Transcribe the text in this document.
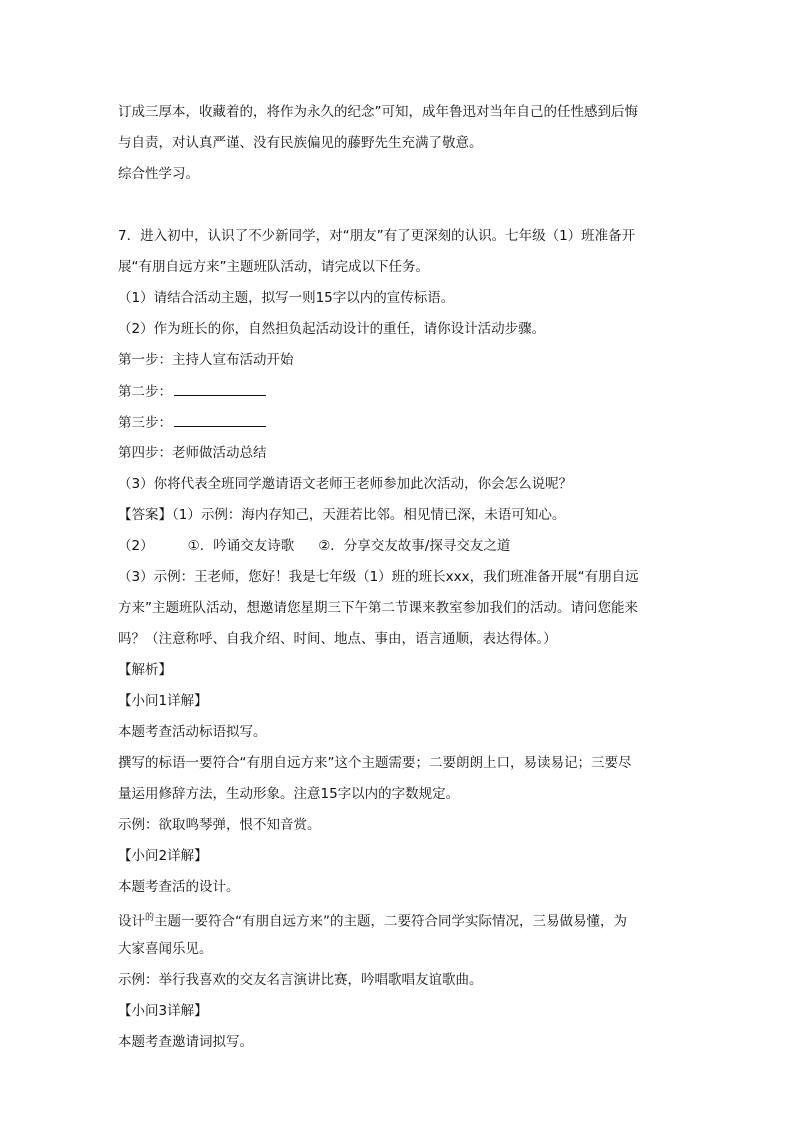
订成三厚本，收藏着的，将作为永久的纪念”可知，成年鲁迅对当年自己的任性感到后悔
与自责，对认真严谨、没有民族偏见的藤野先生充满了敬意。
综合性学习。
7．进入初中，认识了不少新同学，对“朋友”有了更深刻的认识。七年级（1）班准备开
展“有朋自远方来”主题班队活动，请完成以下任务。
（1）请结合活动主题，拟写一则15字以内的宣传标语。
（2）作为班长的你，自然担负起活动设计的重任，请你设计活动步骤。
第一步：主持人宣布活动开始
第二步：
第三步：
第四步：老师做活动总结
（3）你将代表全班同学邀请语文老师王老师参加此次活动，你会怎么说呢？
【答案】（1）示例：海内存知己，天涯若比邻。相见情已深，未语可知心。
（2）	①．吟诵交友诗歌 ②．分享交友故事/探寻交友之道
（3）示例：王老师，您好！我是七年级（1）班的班长xxx，我们班准备开展“有朋自远
方来”主题班队活动，想邀请您星期三下午第二节课来教室参加我们的活动。请问您能来
吗？（注意称呼、自我介绍、时间、地点、事由，语言通顺，表达得体。）
【解析】
【小问1详解】
本题考查活动标语拟写。
撰写的标语一要符合“有朋自远方来”这个主题需要；二要朗朗上口，易读易记；三要尽
量运用修辞方法，生动形象。注意15字以内的字数规定。
示例：欲取鸣琴弹，恨不知音赏。
【小问2详解】
本题考查活的设计。
设计$^的$主题一要符合“有朋自远方来”的主题，二要符合同学实际情况，三易做易懂，为
大家喜闻乐见。
示例：举行我喜欢的交友名言演讲比赛，吟唱歌唱友谊歌曲。
【小问3详解】
本题考查邀请词拟写。
